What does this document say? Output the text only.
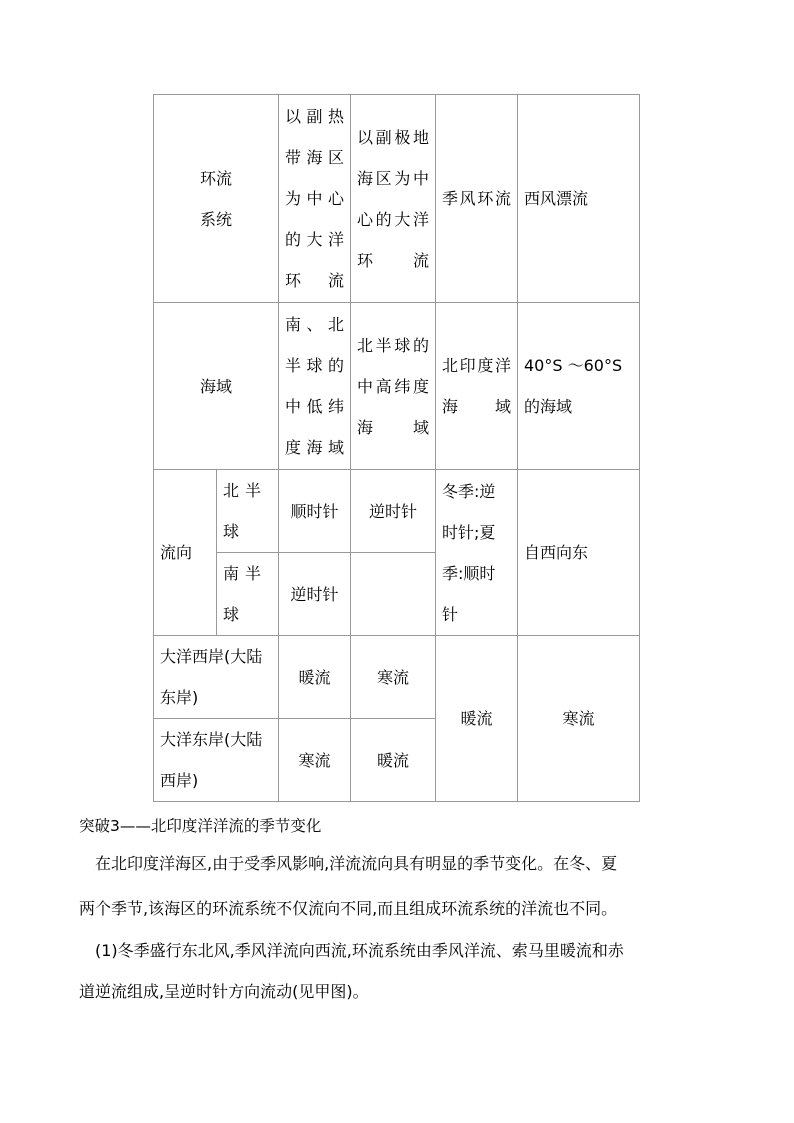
环流系统		以副热带海区为中心的大洋环流	以副极地海区为中心的大洋环流	季风环流	西风漂流
海域		南、北半球的中低纬度海域	北半球的中高纬度海域	北印度洋海域	40°S ～60°S的海域
流向	北半球	顺时针	逆时针	冬季:逆时针;夏季:顺时针	自西向东
	南半球	逆时针			
大洋西岸(大陆东岸)		暖流	寒流	暖流	寒流
大洋东岸(大陆西岸)		寒流	暖流		
突破3——北印度洋洋流的季节变化
在北印度洋海区,由于受季风影响,洋流流向具有明显的季节变化。在冬、夏
两个季节,该海区的环流系统不仅流向不同,而且组成环流系统的洋流也不同。
(1)冬季盛行东北风,季风洋流向西流,环流系统由季风洋流、索马里暖流和赤
道逆流组成,呈逆时针方向流动(见甲图)。
